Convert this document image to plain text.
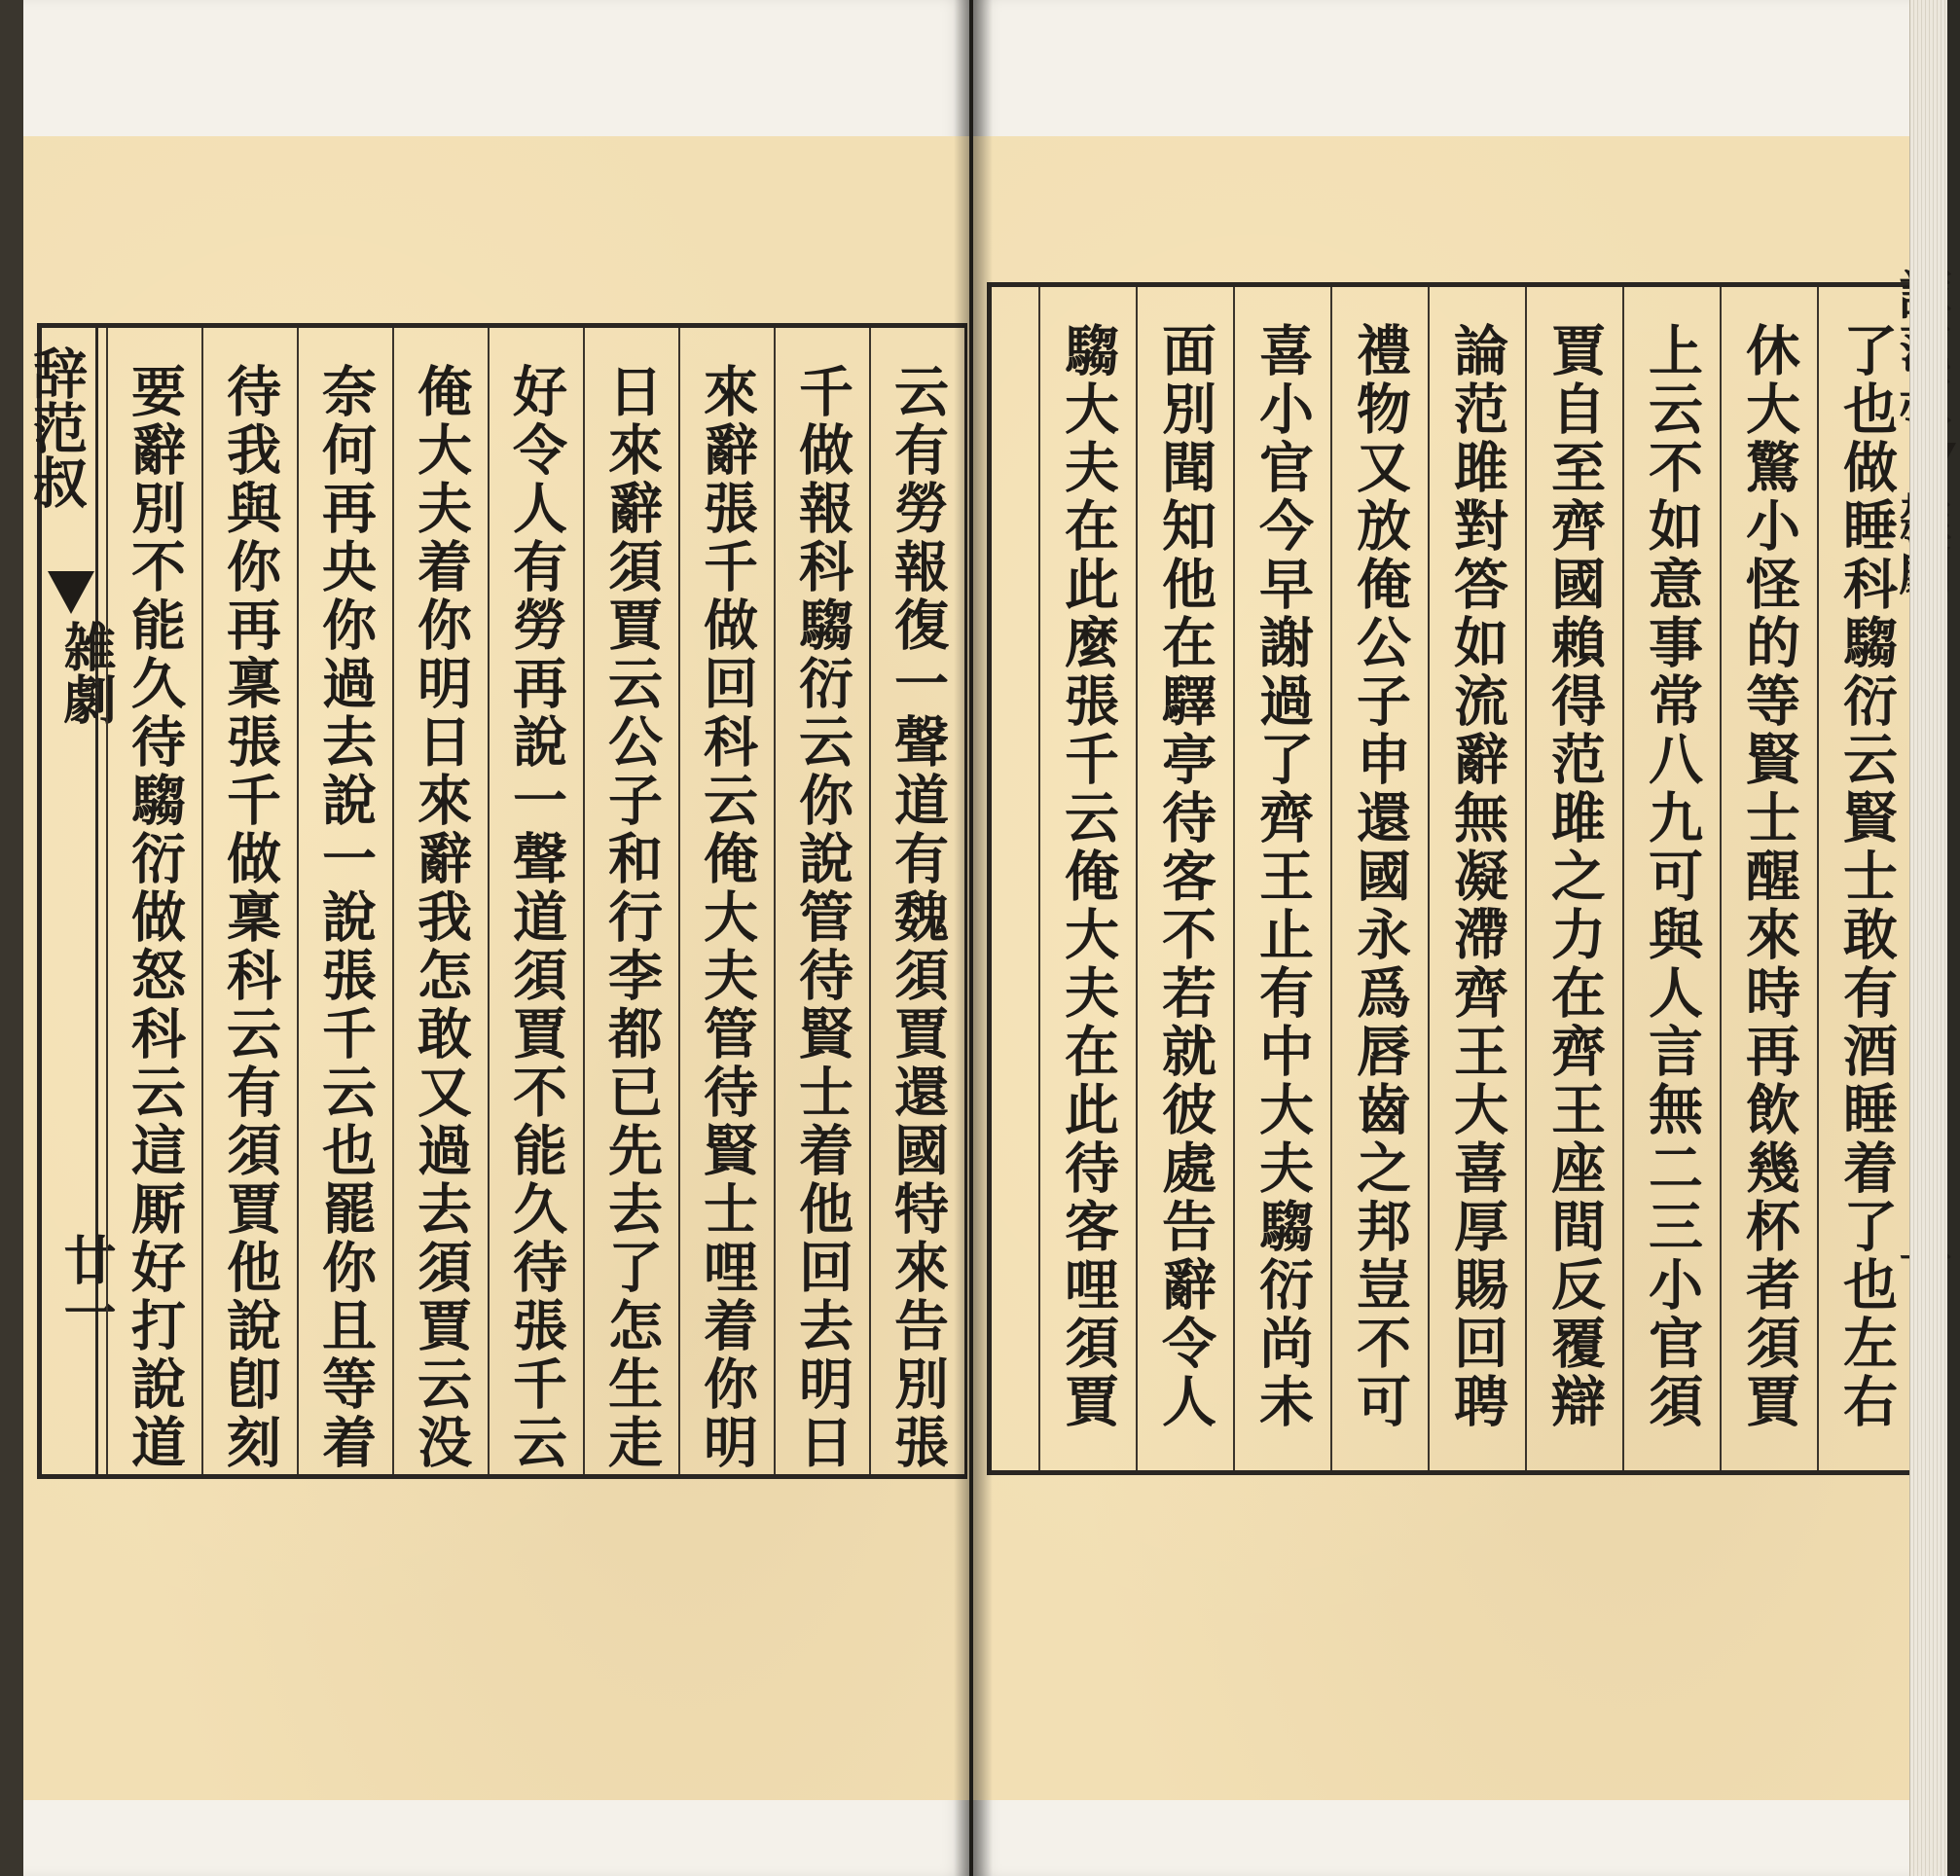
辞范叔
雑劇
廿一	云有勞報復一聲道有魏須賈還國特來告別張
千做報科騶衍云你說管待賢士着他回去明日
來辭張千做回科云俺大夫管待賢士哩着你明
日來辭須賈云公子和行李都已先去了怎生走
好令人有勞再說一聲道須賈不能久待張千云
俺大夫着你明日來辭我怎敢又過去須賈云没
奈何再央你過去說一說張千云也罷你且等着
待我與你再稟張千做稟科云有須賈他說卽刻
要辭別不能久待騶衍做怒科云這厮好打說道	了也做睡科騶衍云賢士敢有酒睡着了也左右
休大驚小怪的等賢士醒來時再飲幾杯者須賈
上云不如意事常八九可與人言無二三小官須
賈自至齊國賴得范雎之力在齊王座間反覆辯
論范雎對答如流辭無凝滯齊王大喜厚賜回聘
禮物又放俺公子申還國永爲唇齒之邦豈不可
喜小官今早謝過了齊王止有中大夫騶衍尚未
面別聞知他在驛亭待客不若就彼處告辭令人
騶大夫在此麼張千云俺大夫在此待客哩須賈
